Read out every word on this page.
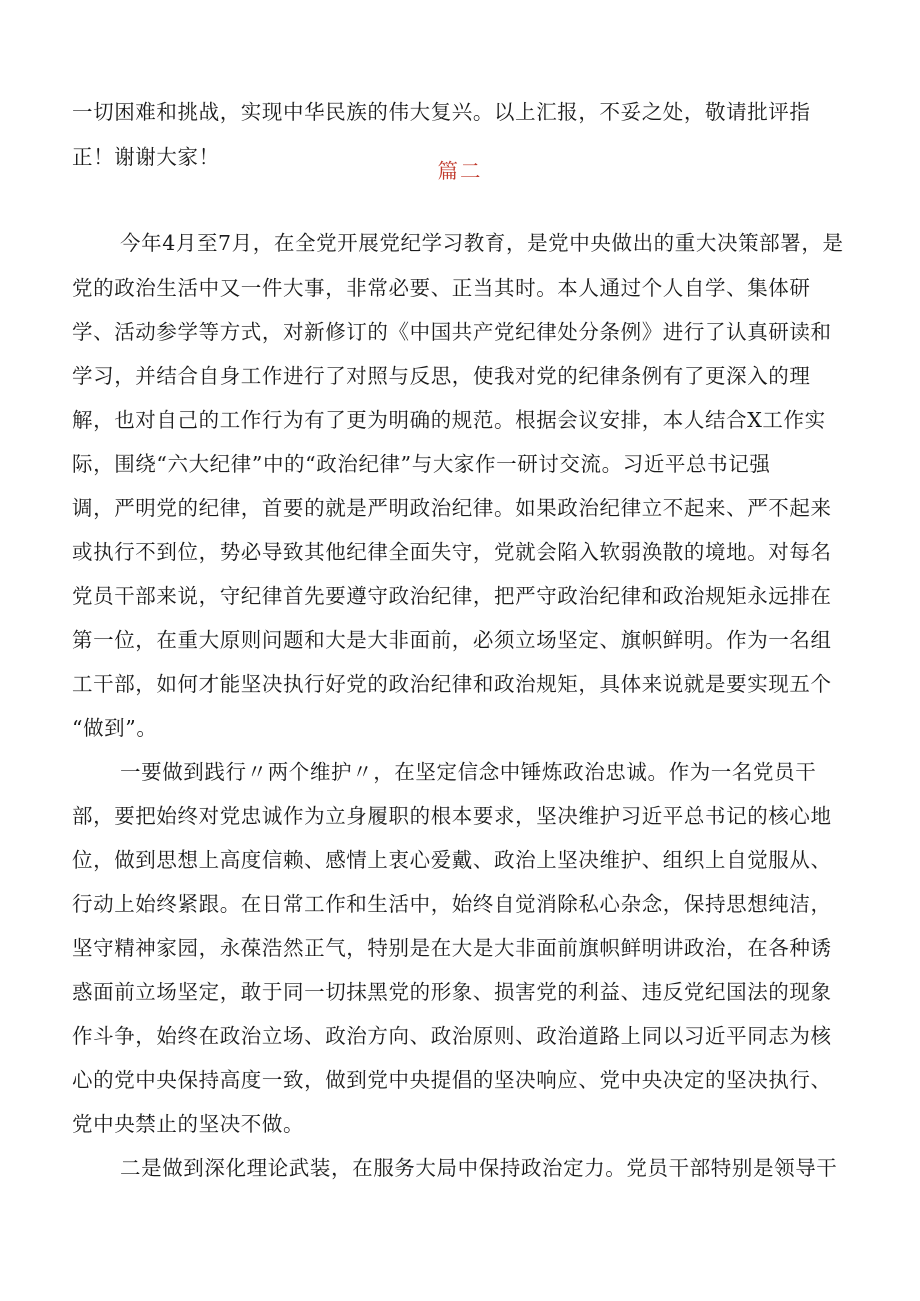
一切困难和挑战，实现中华民族的伟大复兴。以上汇报，不妥之处，敬请批评指
正！谢谢大家！
篇二
今年4月至7月，在全党开展党纪学习教育，是党中央做出的重大决策部署，是
党的政治生活中又一件大事，非常必要、正当其时。本人通过个人自学、集体研
学、活动参学等方式，对新修订的《中国共产党纪律处分条例》进行了认真研读和
学习，并结合自身工作进行了对照与反思，使我对党的纪律条例有了更深入的理
解，也对自己的工作行为有了更为明确的规范。根据会议安排，本人结合X工作实
际，围绕“六大纪律”中的“政治纪律”与大家作一研讨交流。习近平总书记强
调，严明党的纪律，首要的就是严明政治纪律。如果政治纪律立不起来、严不起来
或执行不到位，势必导致其他纪律全面失守，党就会陷入软弱涣散的境地。对每名
党员干部来说，守纪律首先要遵守政治纪律，把严守政治纪律和政治规矩永远排在
第一位，在重大原则问题和大是大非面前，必须立场坚定、旗帜鲜明。作为一名组
工干部，如何才能坚决执行好党的政治纪律和政治规矩，具体来说就是要实现五个
“做到”。
一要做到践行〃两个维护〃，在坚定信念中锤炼政治忠诚。作为一名党员干
部，要把始终对党忠诚作为立身履职的根本要求，坚决维护习近平总书记的核心地
位，做到思想上高度信赖、感情上衷心爱戴、政治上坚决维护、组织上自觉服从、
行动上始终紧跟。在日常工作和生活中，始终自觉消除私心杂念，保持思想纯洁，
坚守精神家园，永葆浩然正气，特别是在大是大非面前旗帜鲜明讲政治，在各种诱
惑面前立场坚定，敢于同一切抹黑党的形象、损害党的利益、违反党纪国法的现象
作斗争，始终在政治立场、政治方向、政治原则、政治道路上同以习近平同志为核
心的党中央保持高度一致，做到党中央提倡的坚决响应、党中央决定的坚决执行、
党中央禁止的坚决不做。
二是做到深化理论武装，在服务大局中保持政治定力。党员干部特别是领导干
